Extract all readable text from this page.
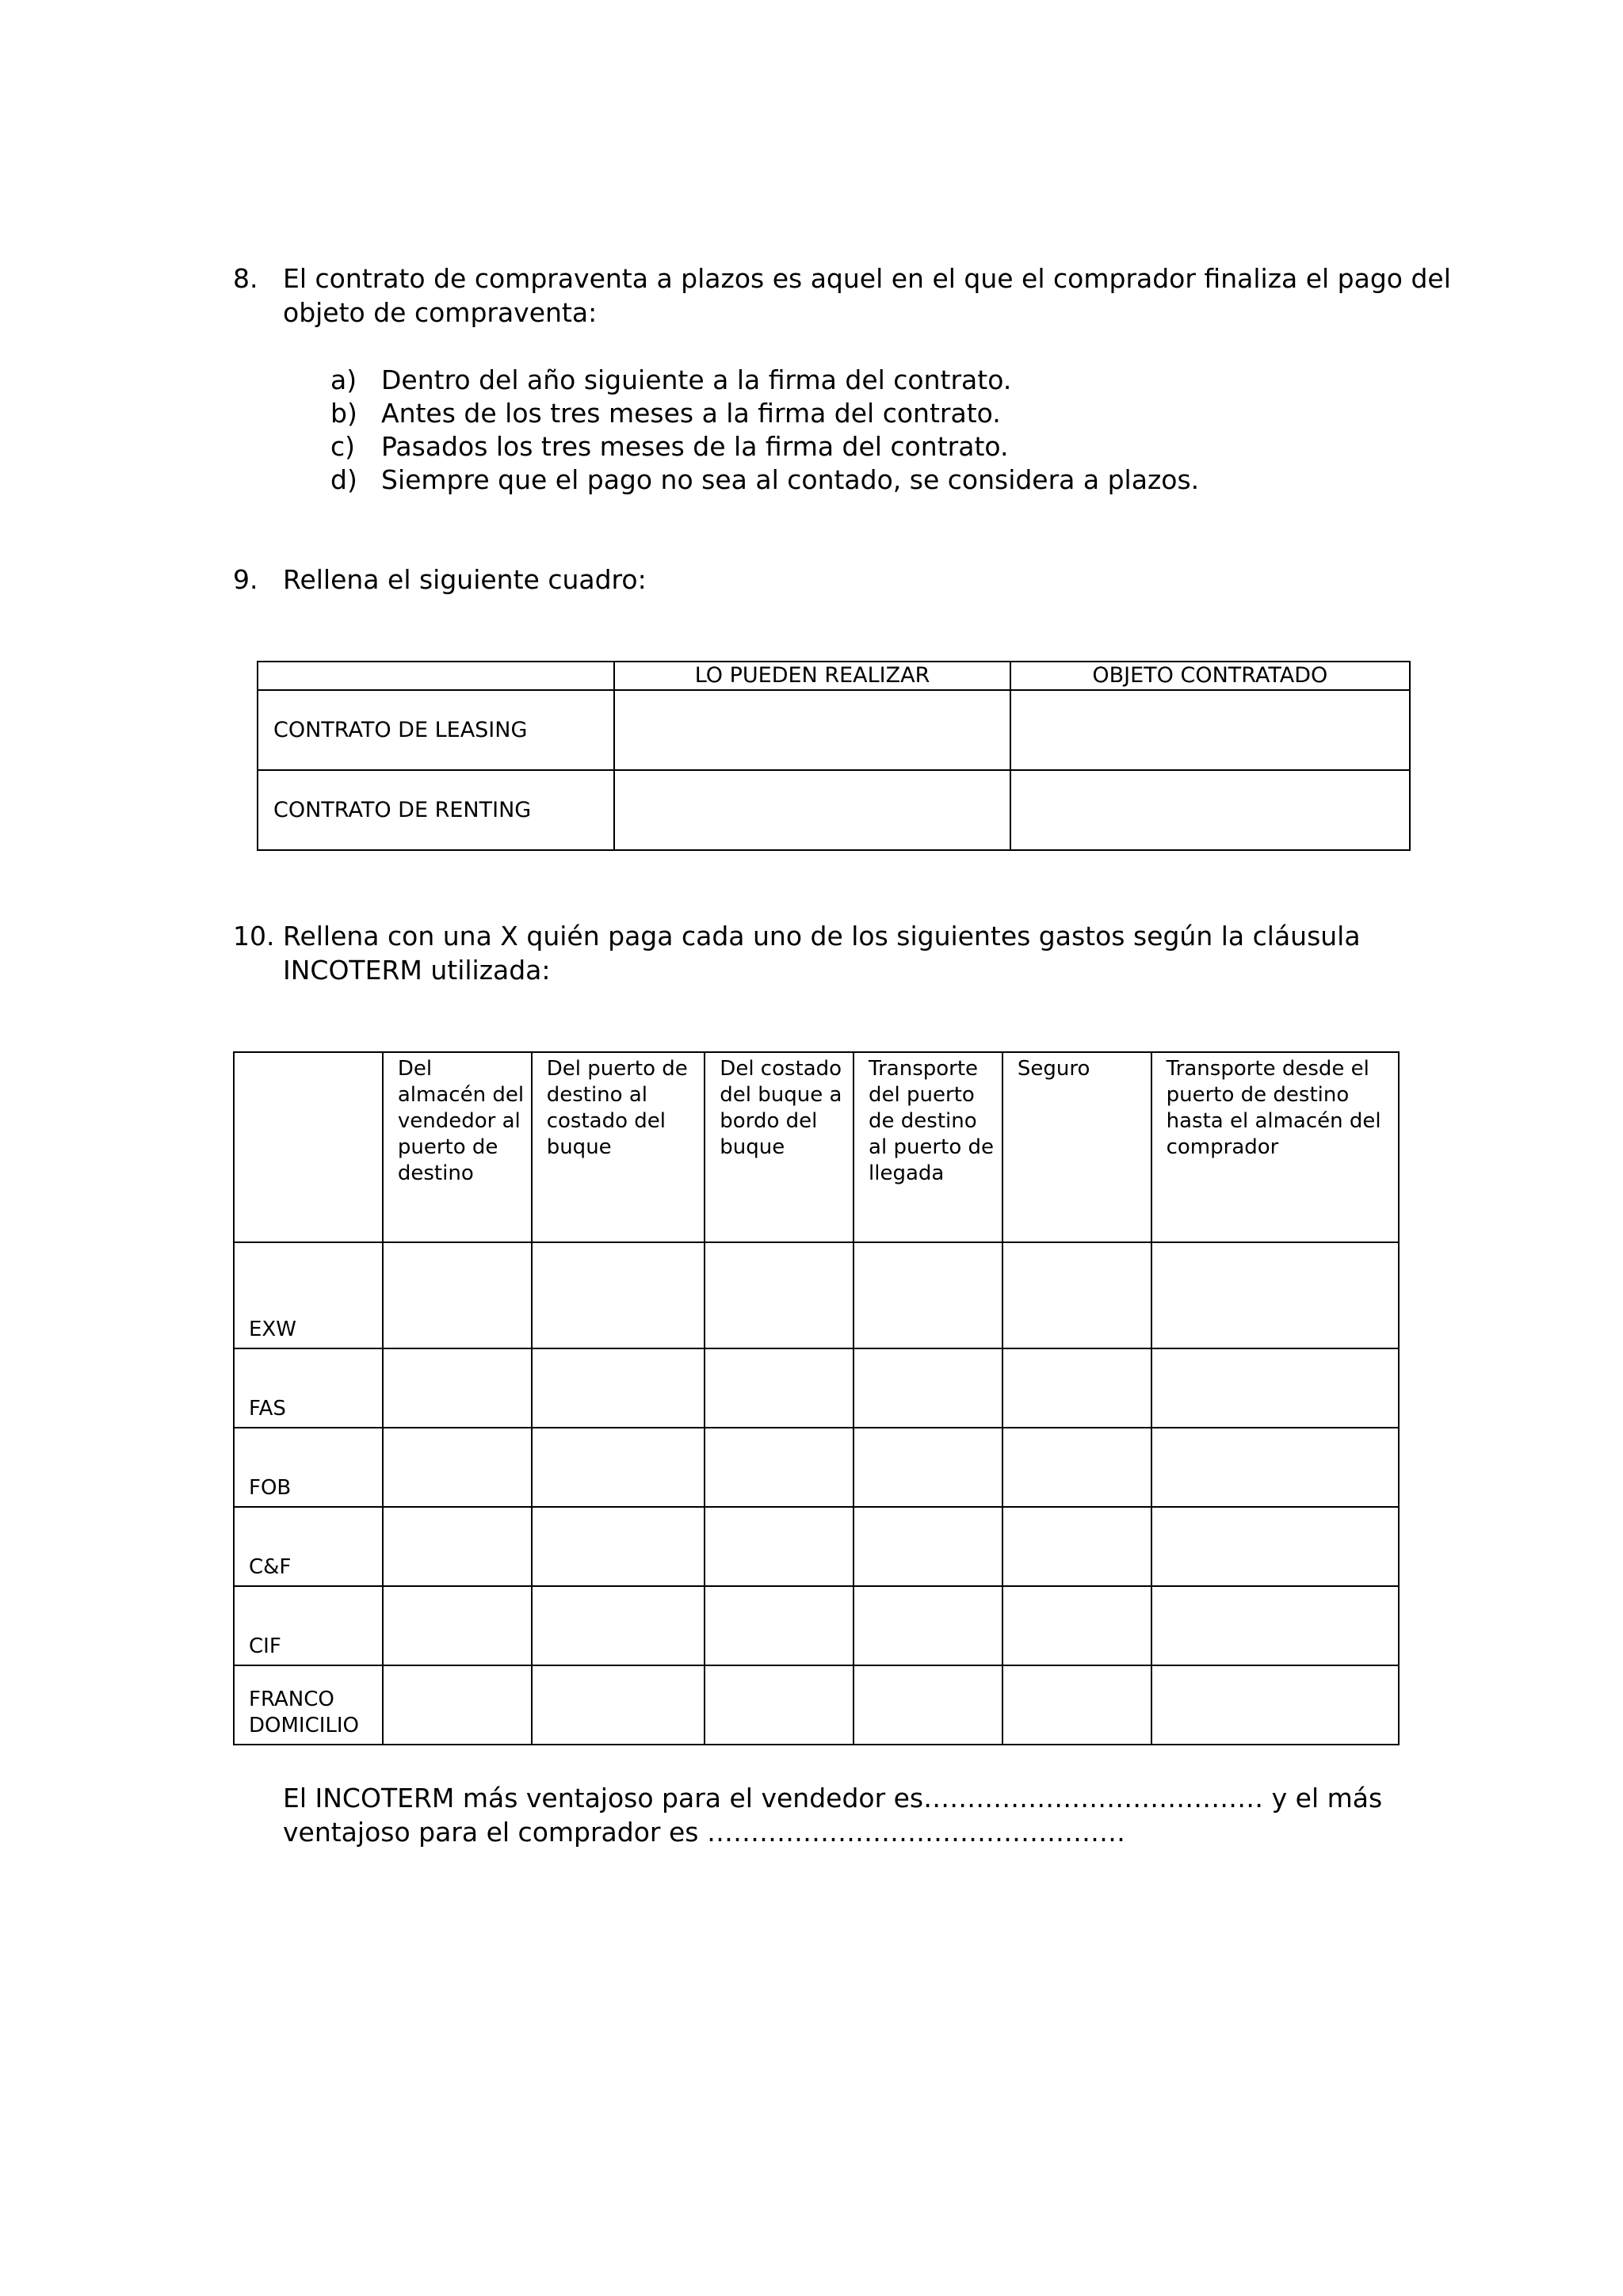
8. El contrato de compraventa a plazos es aquel en el que el comprador finaliza el pago del
objeto de compraventa:
a) Dentro del año siguiente a la firma del contrato.
b) Antes de los tres meses a la firma del contrato.
c) Pasados los tres meses de la firma del contrato.
d) Siempre que el pago no sea al contado, se considera a plazos.
9. Rellena el siguiente cuadro:
	LO PUEDEN REALIZAR	OBJETO CONTRATADO
CONTRATO DE LEASING		
CONTRATO DE RENTING		
10. Rellena con una X quién paga cada uno de los siguientes gastos según la cláusula
INCOTERM utilizada:
	Del almacén del vendedor al puerto de destino	Del puerto de destino al costado del buque	Del costado del buque a bordo del buque	Transporte del puerto de destino al puerto de llegada	Seguro	Transporte desde el puerto de destino hasta el almacén del comprador
EXW						
FAS						
FOB						
C&F						
CIF						
FRANCO DOMICILIO						
El INCOTERM más ventajoso para el vendedor es………………………………… y el más
ventajoso para el comprador es …………………………………………
